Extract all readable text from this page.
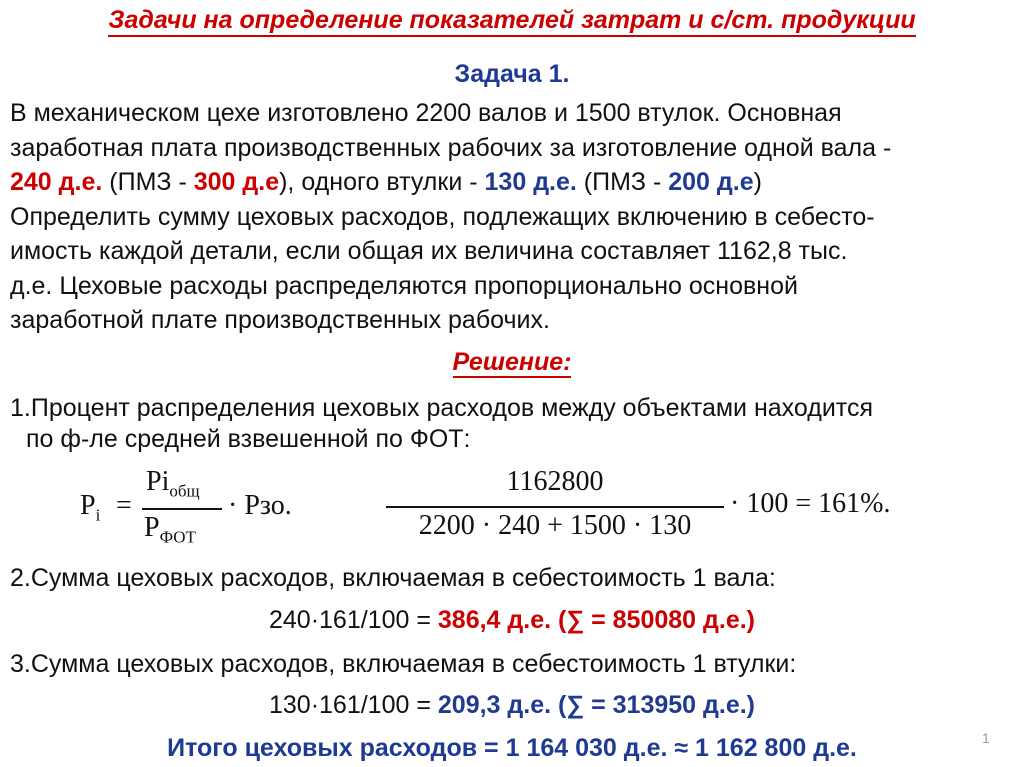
Задачи на определение показателей затрат и с/ст. продукции
Задача 1.
В механическом цехе изготовлено 2200 валов и 1500 втулок. Основная
заработная плата производственных рабочих за изготовление одной вала -
240 д.е. (ПМЗ - 300 д.е), одного втулки - 130 д.е. (ПМЗ - 200 д.е)
Определить сумму цеховых расходов, подлежащих включению в себесто-
имость каждой детали, если общая их величина составляет 1162,8 тыс.
д.е. Цеховые расходы распределяются пропорционально основной
заработной плате производственных рабочих.
Решение:
1.Процент распределения цеховых расходов между объектами находится
по ф-ле средней взвешенной по ФОТ:
$P_i$ =
$Pi_{общ}$
$P_{ФОТ}$
· Pзо.
1162800
2200 · 240 + 1500 · 130
· 100 = 161%.
2.Сумма цеховых расходов, включаемая в себестоимость 1 вала:
240·161/100 = 386,4 д.е. (∑ = 850080 д.е.)
3.Сумма цеховых расходов, включаемая в себестоимость 1 втулки:
130·161/100 = 209,3 д.е. (∑ = 313950 д.е.)
Итого цеховых расходов = 1 164 030 д.е. ≈ 1 162 800 д.е.	1
